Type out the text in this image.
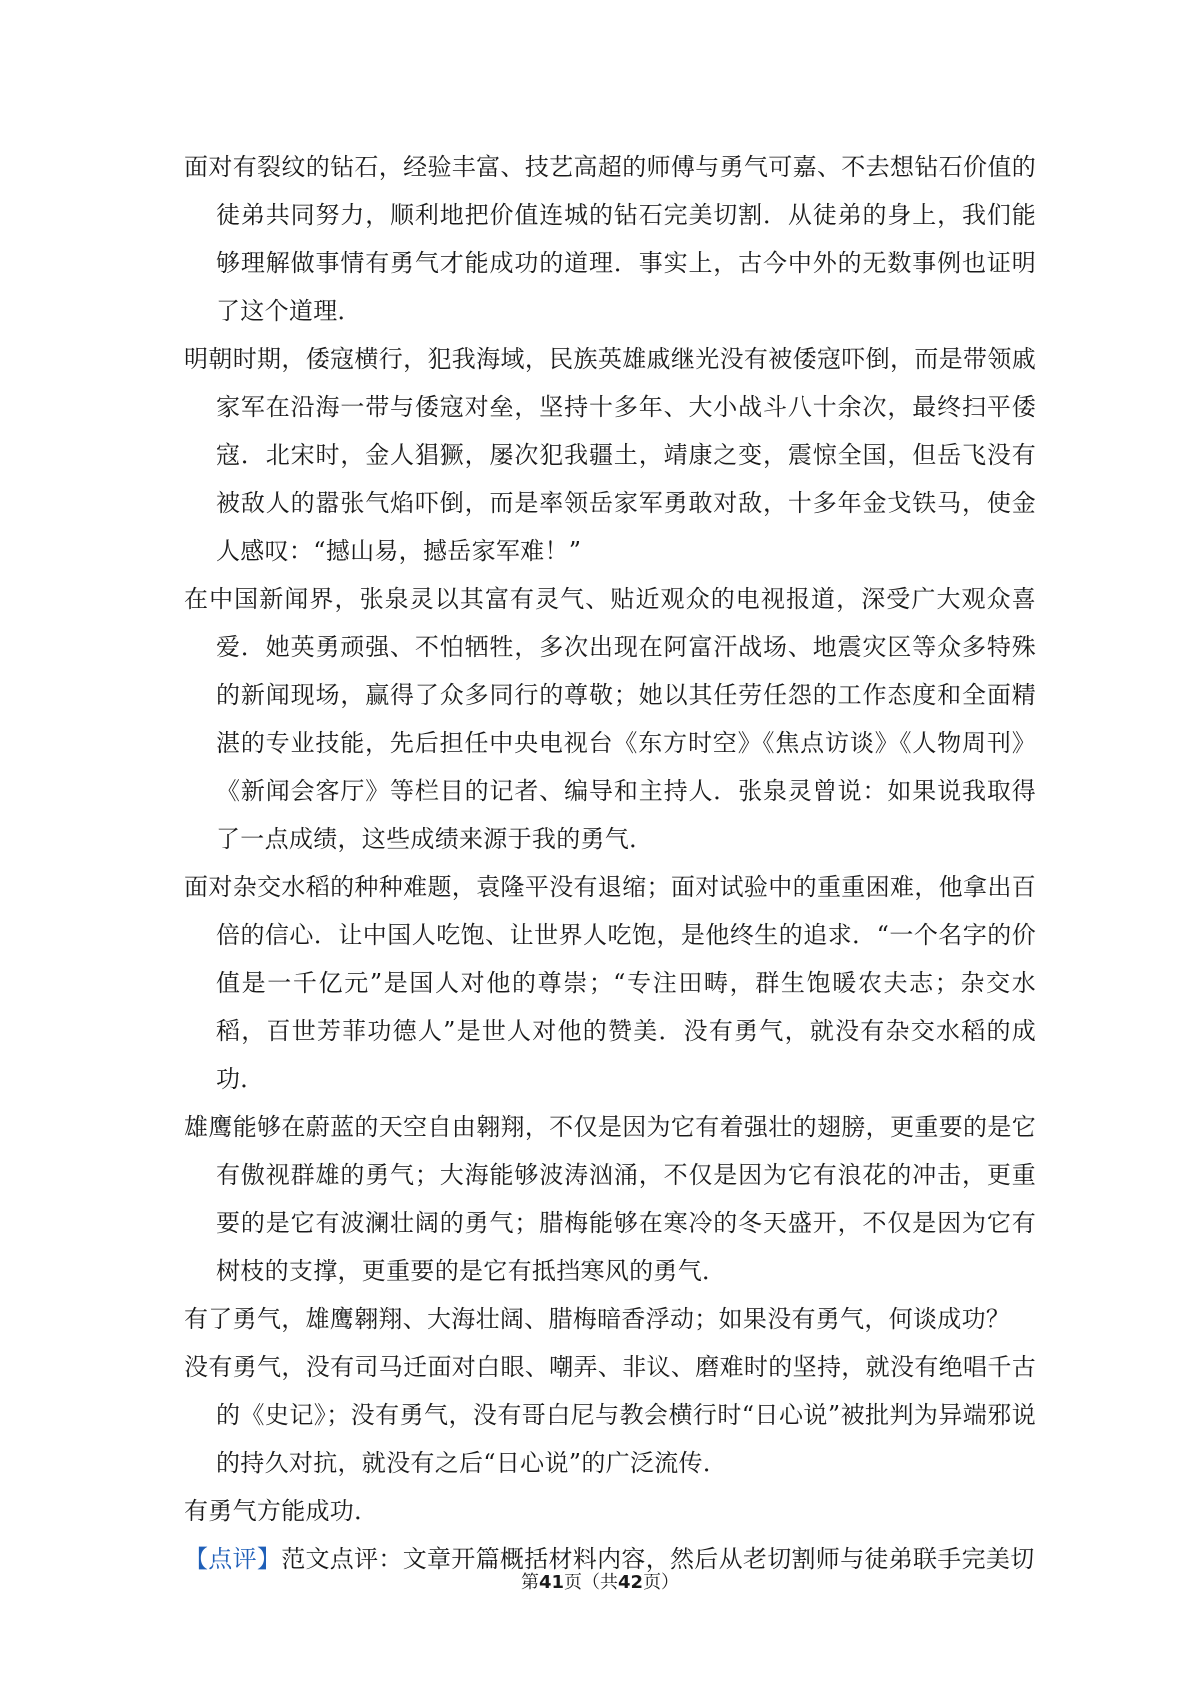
面对有裂纹的钻石，经验丰富、技艺高超的师傅与勇气可嘉、不去想钻石价值的徒弟共同努力，顺利地把价值连城的钻石完美切割．从徒弟的身上，我们能够理解做事情有勇气才能成功的道理．事实上，古今中外的无数事例也证明了这个道理．

明朝时期，倭寇横行，犯我海域，民族英雄戚继光没有被倭寇吓倒，而是带领戚家军在沿海一带与倭寇对垒，坚持十多年、大小战斗八十余次，最终扫平倭寇．北宋时，金人猖獗，屡次犯我疆土，靖康之变，震惊全国，但岳飞没有被敌人的嚣张气焰吓倒，而是率领岳家军勇敢对敌，十多年金戈铁马，使金人感叹：“撼山易，撼岳家军难！”

在中国新闻界，张泉灵以其富有灵气、贴近观众的电视报道，深受广大观众喜爱．她英勇顽强、不怕牺牲，多次出现在阿富汗战场、地震灾区等众多特殊的新闻现场，赢得了众多同行的尊敬；她以其任劳任怨的工作态度和全面精湛的专业技能，先后担任中央电视台《东方时空》《焦点访谈》《人物周刊》《新闻会客厅》等栏目的记者、编导和主持人．张泉灵曾说：如果说我取得了一点成绩，这些成绩来源于我的勇气．

面对杂交水稻的种种难题，袁隆平没有退缩；面对试验中的重重困难，他拿出百倍的信心．让中国人吃饱、让世界人吃饱，是他终生的追求．“一个名字的价值是一千亿元”是国人对他的尊崇；“专注田畴，群生饱暖农夫志；杂交水稻，百世芳菲功德人”是世人对他的赞美．没有勇气，就没有杂交水稻的成功．

雄鹰能够在蔚蓝的天空自由翱翔，不仅是因为它有着强壮的翅膀，更重要的是它有傲视群雄的勇气；大海能够波涛汹涌，不仅是因为它有浪花的冲击，更重要的是它有波澜壮阔的勇气；腊梅能够在寒冷的冬天盛开，不仅是因为它有树枝的支撑，更重要的是它有抵挡寒风的勇气．

有了勇气，雄鹰翱翔、大海壮阔、腊梅暗香浮动；如果没有勇气，何谈成功？

没有勇气，没有司马迁面对白眼、嘲弄、非议、磨难时的坚持，就没有绝唱千古的《史记》；没有勇气，没有哥白尼与教会横行时“日心说”被批判为异端邪说的持久对抗，就没有之后“日心说”的广泛流传．

有勇气方能成功．

【点评】范文点评：文章开篇概括材料内容，然后从老切割师与徒弟联手完美切

第41页（共42页）
